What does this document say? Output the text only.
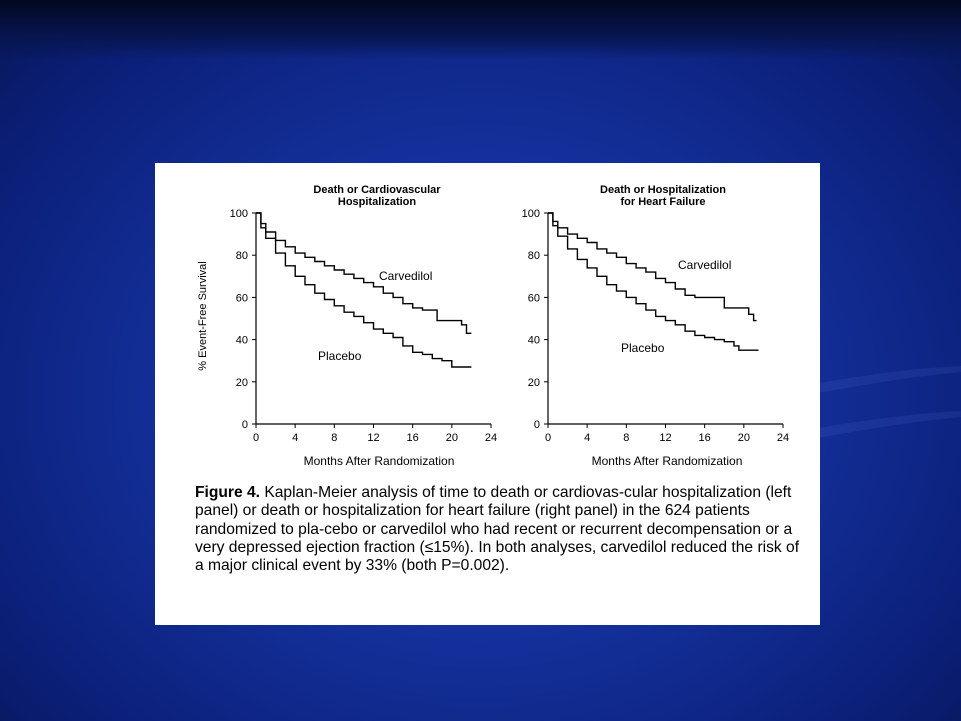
Death or Cardiovascular
Hospitalization
% Event-Free Survival
Months After Randomization
0
20
40
60
80
100
0	4	8	12 16 20 24
Carvedilol
Placebo
Death or Hospitalization
for Heart Failure
Months After Randomization
0
20
40
60
80
100
0	4	8	12 16 20 24
Carvedilol
Placebo
Figure 4. Kaplan-Meier analysis of time to death or cardiovas-cular hospitalization (left panel) or death or hospitalization for heart failure (right panel) in the 624 patients randomized to pla-cebo or carvedilol who had recent or recurrent decompensation or a very depressed ejection fraction (≤15%). In both analyses, carvedilol reduced the risk of a major clinical event by 33% (both P=0.002).
